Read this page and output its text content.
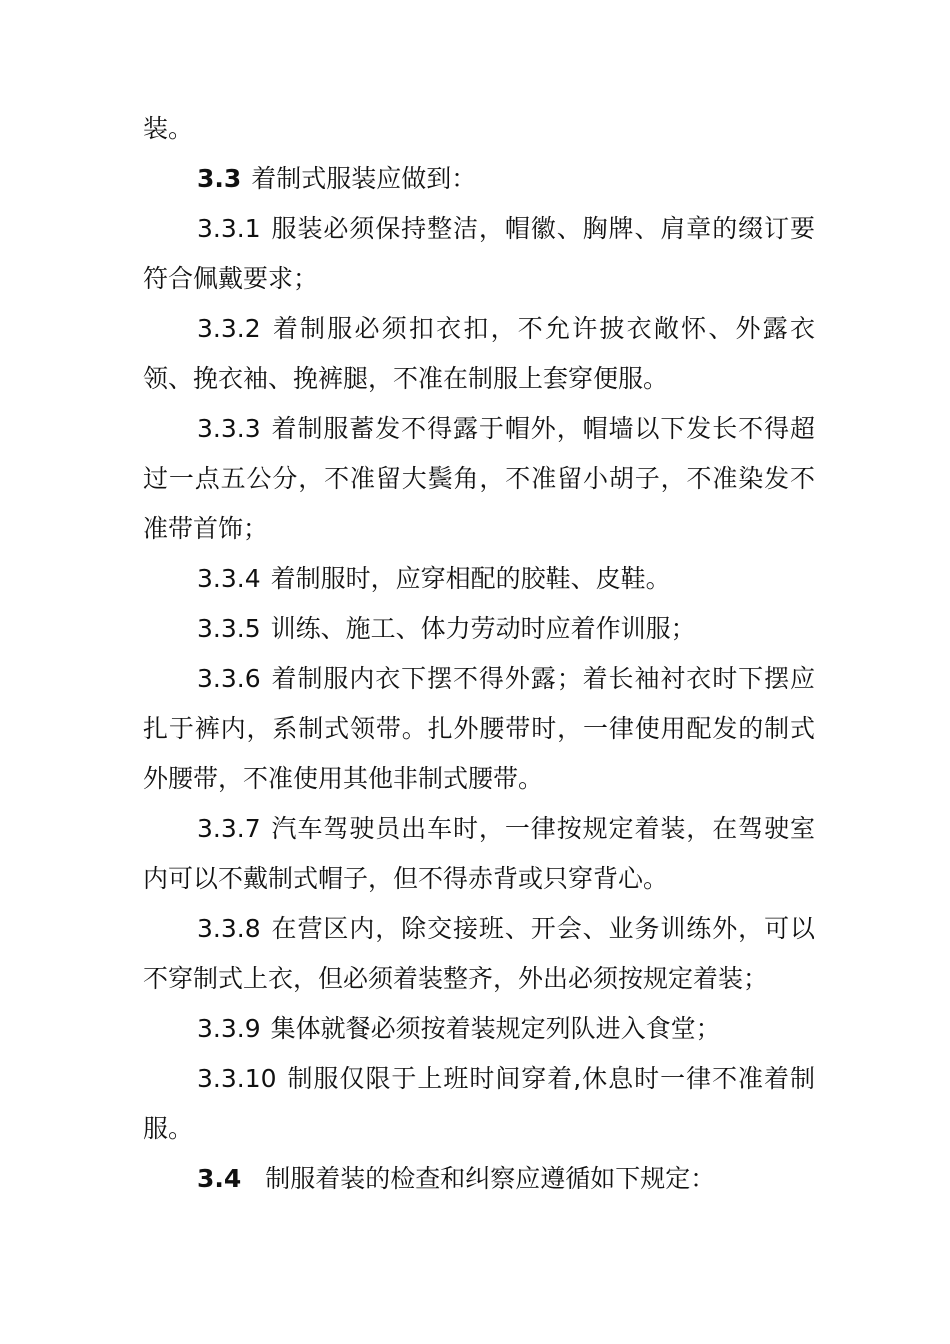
装。

3.3 着制式服装应做到：

3.3.1 服装必须保持整洁，帽徽、胸牌、肩章的缀订要符合佩戴要求；

3.3.2 着制服必须扣衣扣，不允许披衣敞怀、外露衣领、挽衣袖、挽裤腿，不准在制服上套穿便服。

3.3.3 着制服蓄发不得露于帽外，帽墙以下发长不得超过一点五公分，不准留大鬓角，不准留小胡子，不准染发不准带首饰；

3.3.4 着制服时，应穿相配的胶鞋、皮鞋。

3.3.5 训练、施工、体力劳动时应着作训服；

3.3.6 着制服内衣下摆不得外露；着长袖衬衣时下摆应扎于裤内，系制式领带。扎外腰带时，一律使用配发的制式外腰带，不准使用其他非制式腰带。

3.3.7 汽车驾驶员出车时，一律按规定着装，在驾驶室内可以不戴制式帽子，但不得赤背或只穿背心。

3.3.8 在营区内，除交接班、开会、业务训练外，可以不穿制式上衣，但必须着装整齐，外出必须按规定着装；

3.3.9 集体就餐必须按着装规定列队进入食堂；

3.3.10 制服仅限于上班时间穿着,休息时一律不准着制服。

3.4 制服着装的检查和纠察应遵循如下规定：
